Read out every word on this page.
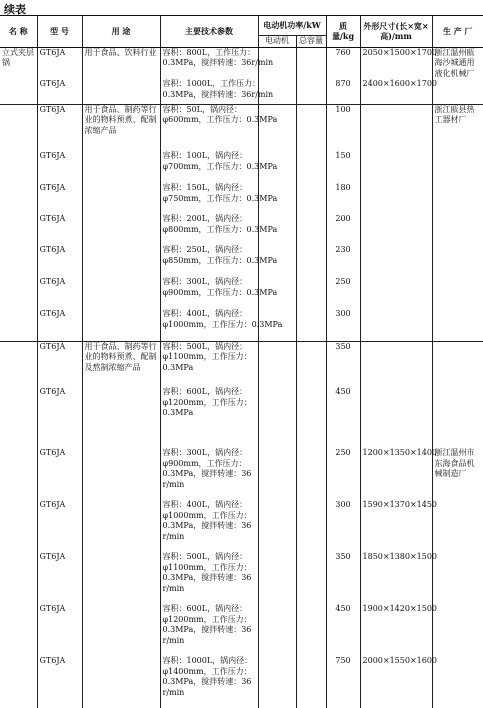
续表
名 称	型 号	用 途	主要技术参数	电动机功率/kW		质量/kg	外形尺寸(长×宽×高)/mm	生 产 厂
				电动机	总容量			
立式夹层锅	GT6JA	用于食品、饮料行业	容积：800L，工作压力：
0.3MPa，搅拌转速：36r/min			760	2050×1500×1700	浙江温州瓯海沙城通用液化机械厂
	GT6JA		容积：1000L，工作压力：
0.3MPa，搅拌转速：36r/min			870	2400×1600×1700	
	GT6JA	用于食品、制药等行业的物料预煮、配制浓缩产品	容积：50L，锅内径：
φ600mm，工作压力：0.3MPa			100		浙江瓯县热工器材厂
	GT6JA		容积：100L，锅内径：
φ700mm，工作压力：0.3MPa			150		
	GT6JA		容积：150L，锅内径：
φ750mm，工作压力：0.3MPa			180		
	GT6JA		容积：200L，锅内径：
φ800mm，工作压力：0.3MPa			200		
	GT6JA		容积：250L，锅内径：
φ850mm，工作压力：0.3MPa			230		
	GT6JA		容积：300L，锅内径：
φ900mm，工作压力：0.3MPa			250		
	GT6JA		容积：400L，锅内径：
φ1000mm，工作压力：0.3MPa			300		
	GT6JA	用于食品、制药等行业的物料预煮、配制及熬制浓缩产品	容积：500L，锅内径：
φ1100mm，工作压力：
0.3MPa			350		
	GT6JA		容积：600L，锅内径：
φ1200mm，工作压力：
0.3MPa			450		
	GT6JA		容积：300L，锅内径：
φ900mm，工作压力：
0.3MPa，搅拌转速：36
r/min			250	1200×1350×1400	浙江温州市东海食品机械制造厂
	GT6JA		容积：400L，锅内径：
φ1000mm，工作压力：
0.3MPa，搅拌转速：36
r/min			300	1590×1370×1450	
	GT6JA		容积：500L，锅内径：
φ1100mm，工作压力：
0.3MPa，搅拌转速：36
r/min			350	1850×1380×1500	
	GT6JA		容积：600L，锅内径：
φ1200mm，工作压力：
0.3MPa，搅拌转速：36
r/min			450	1900×1420×1500	
	GT6JA		容积：1000L，锅内径：
φ1400mm，工作压力：
0.3MPa，搅拌转速：36
r/min			750	2000×1550×1600	
